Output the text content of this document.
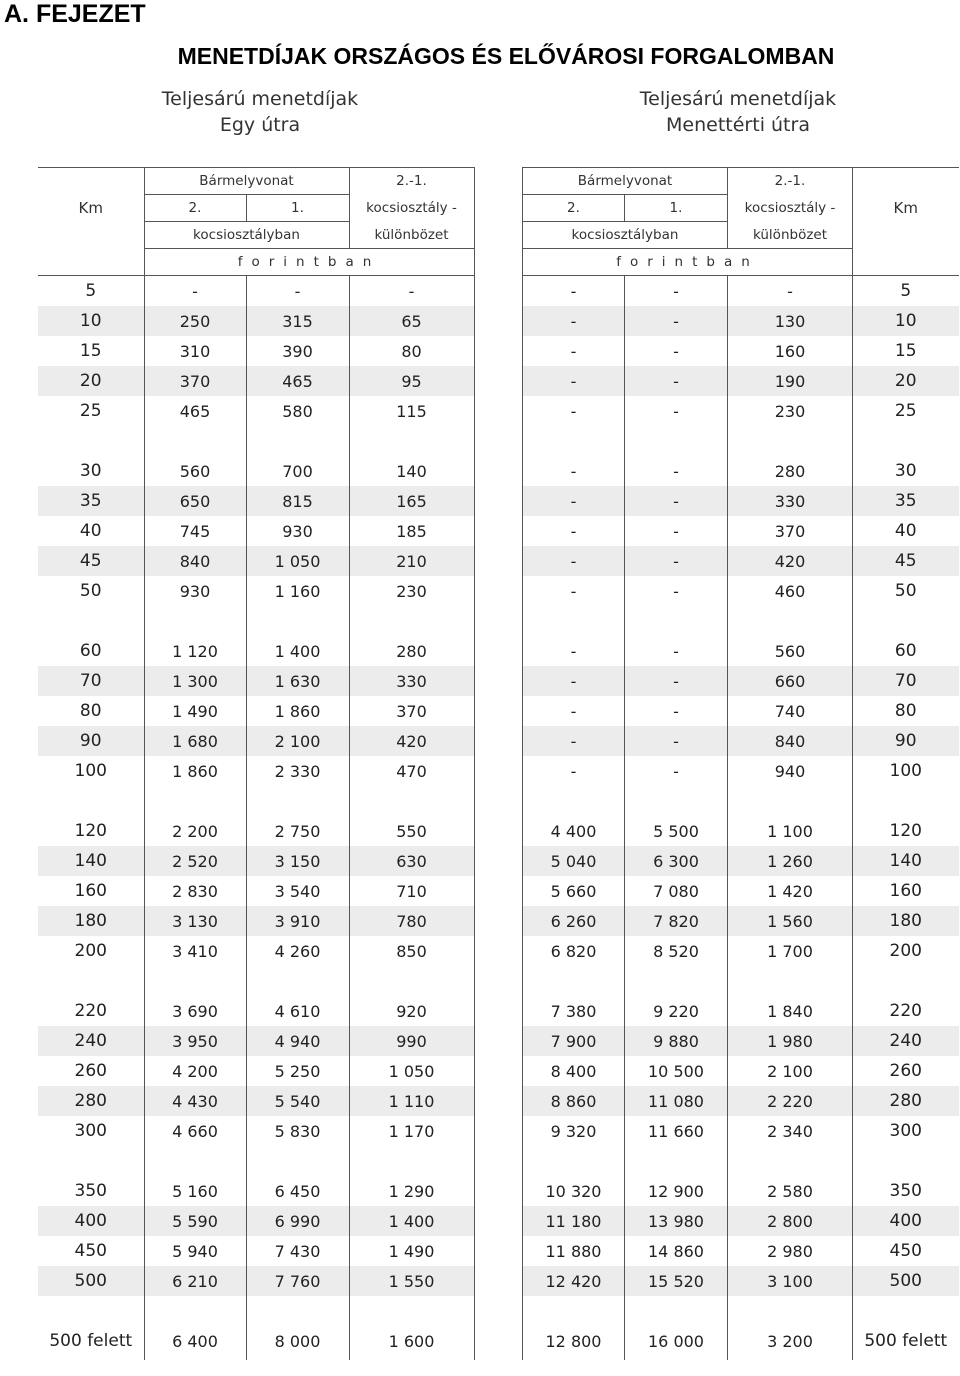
A. FEJEZET
MENETDÍJAK ORSZÁGOS ÉS ELŐVÁROSI FORGALOMBAN
Teljesárú menetdíjak
Egy útra
Teljesárú menetdíjak
Menettérti útra
Km	Bármelyvonat		2.-1.
	2.	1.	kocsiosztály -
	kocsiosztályban		különbözet
	forintban		
5	-	-	-
10	250	315	65
15	310	390	80
20	370	465	95
25	465	580	115

30	560	700	140
35	650	815	165
40	745	930	185
45	840	1 050	210
50	930	1 160	230

60	1 120	1 400	280
70	1 300	1 630	330
80	1 490	1 860	370
90	1 680	2 100	420
100	1 860	2 330	470

120	2 200	2 750	550
140	2 520	3 150	630
160	2 830	3 540	710
180	3 130	3 910	780
200	3 410	4 260	850

220	3 690	4 610	920
240	3 950	4 940	990
260	4 200	5 250	1 050
280	4 430	5 540	1 110
300	4 660	5 830	1 170

350	5 160	6 450	1 290
400	5 590	6 990	1 400
450	5 940	7 430	1 490
500	6 210	7 760	1 550

500 felett	6 400	8 000	1 600

Bármelyvonat		2.-1.	Km
2.	1.	kocsiosztály -	
kocsiosztályban		különbözet	
forintban			
-	-	-	5
-	-	130	10
-	-	160	15
-	-	190	20
-	-	230	25

-	-	280	30
-	-	330	35
-	-	370	40
-	-	420	45
-	-	460	50

-	-	560	60
-	-	660	70
-	-	740	80
-	-	840	90
-	-	940	100

4 400	5 500	1 100	120
5 040	6 300	1 260	140
5 660	7 080	1 420	160
6 260	7 820	1 560	180
6 820	8 520	1 700	200

7 380	9 220	1 840	220
7 900	9 880	1 980	240
8 400	10 500	2 100	260
8 860	11 080	2 220	280
9 320	11 660	2 340	300

10 320	12 900	2 580	350
11 180	13 980	2 800	400
11 880	14 860	2 980	450
12 420	15 520	3 100	500

12 800	16 000	3 200	500 felett
